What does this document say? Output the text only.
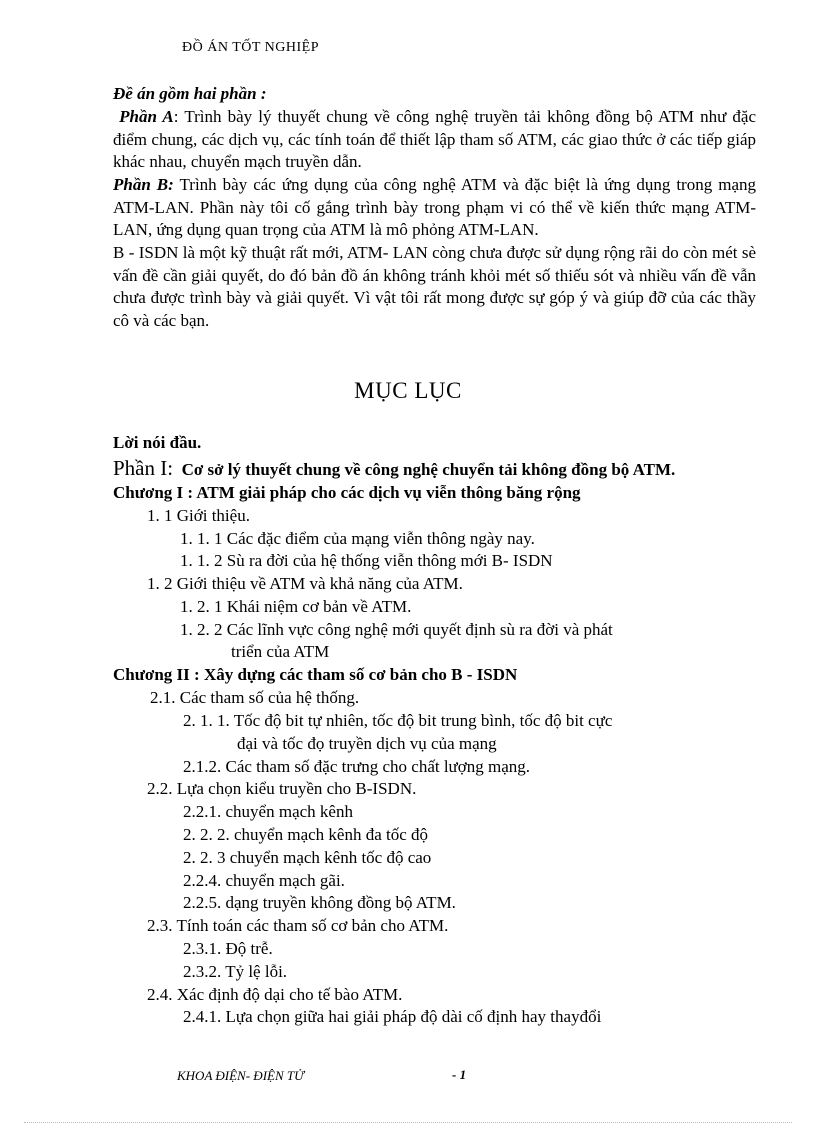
ĐỒ ÁN TỐT NGHIỆP
Đề án gồm hai phần :
Phần A: Trình bày lý thuyết chung về công nghệ truyền tải không đồng bộ ATM như đặc điểm chung, các dịch vụ, các tính toán để thiết lập tham số ATM, các giao thức ở các tiếp giáp khác nhau, chuyển mạch truyền dẫn.
Phần B: Trình bày các ứng dụng của công nghệ ATM và đặc biệt là ứng dụng trong mạng ATM-LAN. Phần này tôi cố gắng trình bày trong phạm vi có thể về kiến thức mạng ATM-LAN, ứng dụng quan trọng của ATM là mô phỏng ATM-LAN.
B - ISDN là một kỹ thuật rất mới, ATM- LAN còng chưa được sử dụng rộng rãi do còn mét sè vấn đề cần giải quyết, do đó bản đồ án không tránh khỏi mét số thiếu sót và nhiều vấn đề vẫn chưa được trình bày và giải quyết. Vì vật tôi rất mong được sự góp ý và giúp đỡ của các thầy cô và các bạn.
MỤC LỤC
Lời nói đầu.
Phần I: Cơ sở lý thuyết chung về công nghệ chuyển tải không đồng bộ ATM.
Chương I : ATM giải pháp cho các dịch vụ viễn thông băng rộng
1. 1 Giới thiệu.
1. 1. 1 Các đặc điểm của mạng viễn thông ngày nay.
1. 1. 2 Sù ra đời của hệ thống viễn thông mới B- ISDN
1. 2 Giới thiệu về ATM và khả năng của ATM.
1. 2. 1 Khái niệm cơ bản về ATM.
1. 2. 2 Các lĩnh vực công nghệ mới quyết định sù ra đời và phát
triển của ATM
Chương II : Xây dựng các tham số cơ bản cho B - ISDN
2.1. Các tham số của hệ thống.
2. 1. 1. Tốc độ bit tự nhiên, tốc độ bit trung bình, tốc độ bit cực
đại và tốc đọ truyền dịch vụ của mạng
2.1.2. Các tham số đặc trưng cho chất lượng mạng.
2.2. Lựa chọn kiểu truyền cho B-ISDN.
2.2.1. chuyển mạch kênh
2. 2. 2. chuyển mạch kênh đa tốc độ
2. 2. 3 chuyển mạch kênh tốc độ cao
2.2.4. chuyển mạch gãi.
2.2.5. dạng truyền không đồng bộ ATM.
2.3. Tính toán các tham số cơ bản cho ATM.
2.3.1. Độ trễ.
2.3.2. Tỷ lệ lỗi.
2.4. Xác định độ dại cho tế bào ATM.
2.4.1. Lựa chọn giữa hai giải pháp độ dài cố định hay thayđổi
KHOA ĐIỆN- ĐIỆN TỬ	- 1
